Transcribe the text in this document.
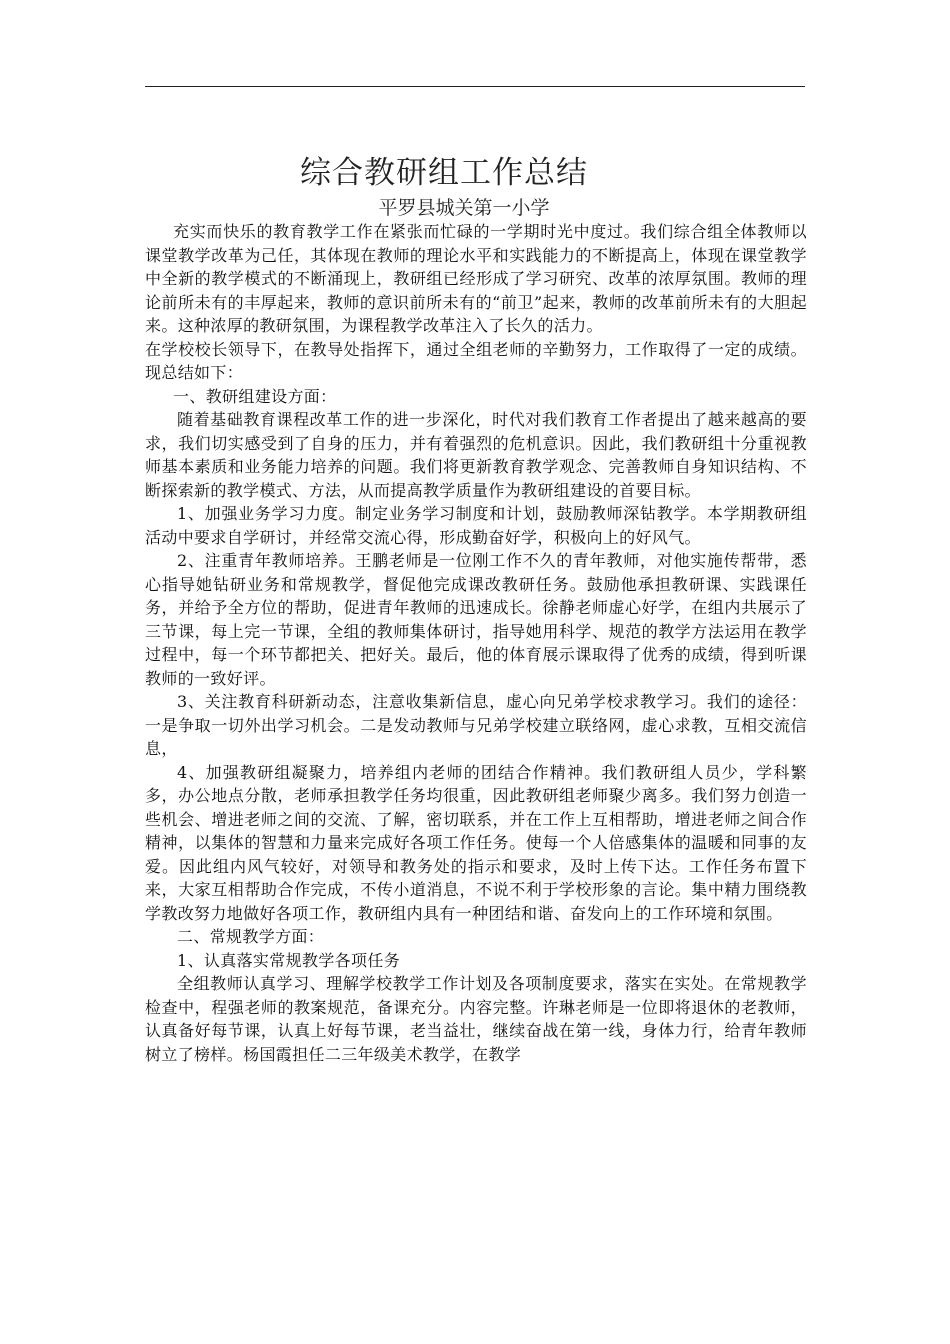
综合教研组工作总结
平罗县城关第一小学

充实而快乐的教育教学工作在紧张而忙碌的一学期时光中度过。我们综合组全体教师以课堂教学改革为己任，其体现在教师的理论水平和实践能力的不断提高上，体现在课堂教学中全新的教学模式的不断涌现上，教研组已经形成了学习研究、改革的浓厚氛围。教师的理论前所未有的丰厚起来，教师的意识前所未有的“前卫”起来，教师的改革前所未有的大胆起来。这种浓厚的教研氛围，为课程教学改革注入了长久的活力。

在学校校长领导下，在教导处指挥下，通过全组老师的辛勤努力，工作取得了一定的成绩。现总结如下：

一、教研组建设方面：

随着基础教育课程改革工作的进一步深化，时代对我们教育工作者提出了越来越高的要求，我们切实感受到了自身的压力，并有着强烈的危机意识。因此，我们教研组十分重视教师基本素质和业务能力培养的问题。我们将更新教育教学观念、完善教师自身知识结构、不断探索新的教学模式、方法，从而提高教学质量作为教研组建设的首要目标。

1、加强业务学习力度。制定业务学习制度和计划，鼓励教师深钻教学。本学期教研组活动中要求自学研讨，并经常交流心得，形成勤奋好学，积极向上的好风气。

2、注重青年教师培养。王鹏老师是一位刚工作不久的青年教师，对他实施传帮带，悉心指导她钻研业务和常规教学，督促他完成课改教研任务。鼓励他承担教研课、实践课任务，并给予全方位的帮助，促进青年教师的迅速成长。徐静老师虚心好学，在组内共展示了三节课，每上完一节课，全组的教师集体研讨，指导她用科学、规范的教学方法运用在教学过程中，每一个环节都把关、把好关。最后，他的体育展示课取得了优秀的成绩，得到听课教师的一致好评。

3、关注教育科研新动态，注意收集新信息，虚心向兄弟学校求教学习。我们的途径：一是争取一切外出学习机会。二是发动教师与兄弟学校建立联络网，虚心求教，互相交流信息，

4、加强教研组凝聚力，培养组内老师的团结合作精神。我们教研组人员少，学科繁多，办公地点分散，老师承担教学任务均很重，因此教研组老师聚少离多。我们努力创造一些机会、增进老师之间的交流、了解，密切联系，并在工作上互相帮助，增进老师之间合作精神，以集体的智慧和力量来完成好各项工作任务。使每一个人倍感集体的温暖和同事的友爱。因此组内风气较好，对领导和教务处的指示和要求，及时上传下达。工作任务布置下来，大家互相帮助合作完成，不传小道消息，不说不利于学校形象的言论。集中精力围绕教学教改努力地做好各项工作，教研组内具有一种团结和谐、奋发向上的工作环境和氛围。

二、常规教学方面：

1、认真落实常规教学各项任务

全组教师认真学习、理解学校教学工作计划及各项制度要求，落实在实处。在常规教学检查中，程强老师的教案规范，备课充分。内容完整。许琳老师是一位即将退休的老教师，认真备好每节课，认真上好每节课，老当益壮，继续奋战在第一线，身体力行，给青年教师树立了榜样。杨国霞担任二三年级美术教学，在教学
